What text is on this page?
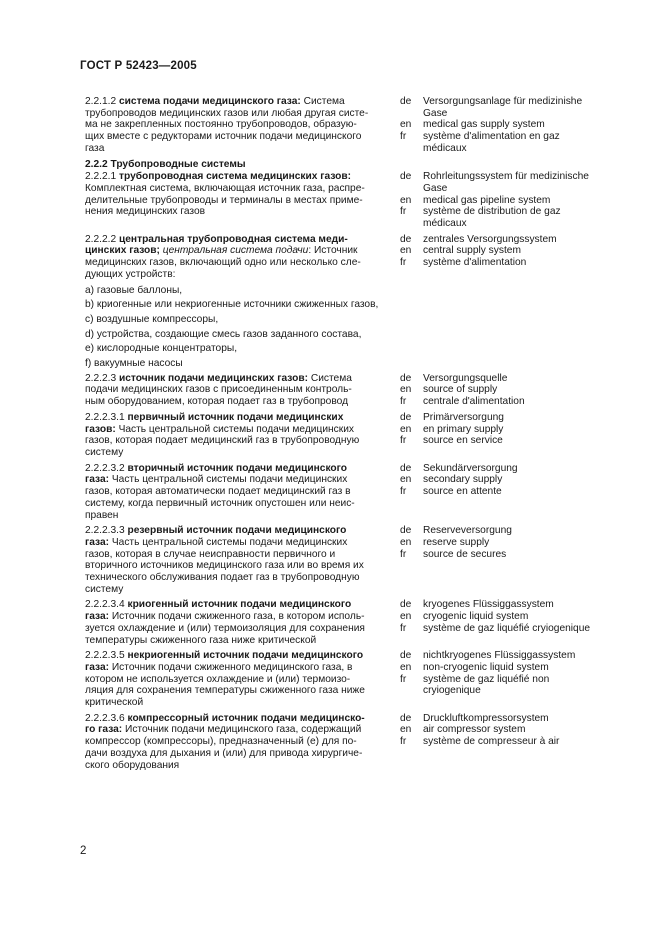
ГОСТ Р 52423—2005
2.2.1.2 система подачи медицинского газа: Система
трубопроводов медицинских газов или любая другая систе-
ма не закрепленных постоянно трубопроводов, образую-
щих вместе с редукторами источник подачи медицинского
газа
de

en
fr
Versorgungsanlage für medizinishe
Gase
medical gas supply system
système d'alimentation en gaz
médicaux
2.2.2 Трубопроводные системы
2.2.2.1 трубопроводная система медицинских газов:
Комплектная система, включающая источник газа, распре-
делительные трубопроводы и терминалы в местах приме-
нения медицинских газов
de

en
fr
Rohrleitungssystem für medizinische
Gase
medical gas pipeline system
système de distribution de gaz
médicaux
2.2.2.2 центральная трубопроводная система меди-
цинских газов; центральная система подачи: Источник
медицинских газов, включающий одно или несколько сле-
дующих устройств:
de
en
fr
zentrales Versorgungssystem
central supply system
système d'alimentation
a) газовые баллоны,
b) криогенные или некриогенные источники сжиженных газов,
c) воздушные компрессоры,
d) устройства, создающие смесь газов заданного состава,
e) кислородные концентраторы,
f) вакуумные насосы
2.2.2.3 источник подачи медицинских газов: Система
подачи медицинских газов с присоединенным контроль-
ным оборудованием, которая подает газ в трубопровод
de
en
fr
Versorgungsquelle
source of supply
centrale d'alimentation
2.2.2.3.1 первичный источник подачи медицинских
газов: Часть центральной системы подачи медицинских
газов, которая подает медицинский газ в трубопроводную
систему
de
en
fr
Primärversorgung
en primary supply
source en service
2.2.2.3.2 вторичный источник подачи медицинского
газа: Часть центральной системы подачи медицинских
газов, которая автоматически подает медицинский газ в
систему, когда первичный источник опустошен или неис-
правен
de
en
fr
Sekundärversorgung
secondary supply
source en attente
2.2.2.3.3 резервный источник подачи медицинского
газа: Часть центральной системы подачи медицинских
газов, которая в случае неисправности первичного и
вторичного источников медицинского газа или во время их
технического обслуживания подает газ в трубопроводную
систему
de
en
fr
Reserveversorgung
reserve supply
source de secures
2.2.2.3.4 криогенный источник подачи медицинского
газа: Источник подачи сжиженного газа, в котором исполь-
зуется охлаждение и (или) термоизоляция для сохранения
температуры сжиженного газа ниже критической
de
en
fr
kryogenes Flüssiggassystem
cryogenic liquid system
système de gaz liquéfié cryiogenique
2.2.2.3.5 некриогенный источник подачи медицинского
газа: Источник подачи сжиженного медицинского газа, в
котором не используется охлаждение и (или) термоизо-
ляция для сохранения температуры сжиженного газа ниже
критической
de
en
fr
nichtkryogenes Flüssiggassystem
non-cryogenic liquid system
système de gaz liquéfié non
cryiogenique
2.2.2.3.6 компрессорный источник подачи медицинско-
го газа: Источник подачи медицинского газа, содержащий
компрессор (компрессоры), предназначенный (е) для по-
дачи воздуха для дыхания и (или) для привода хирургиче-
ского оборудования
de
en
fr
Druckluftkompressorsystem
air compressor system
système de compresseur à air
2
